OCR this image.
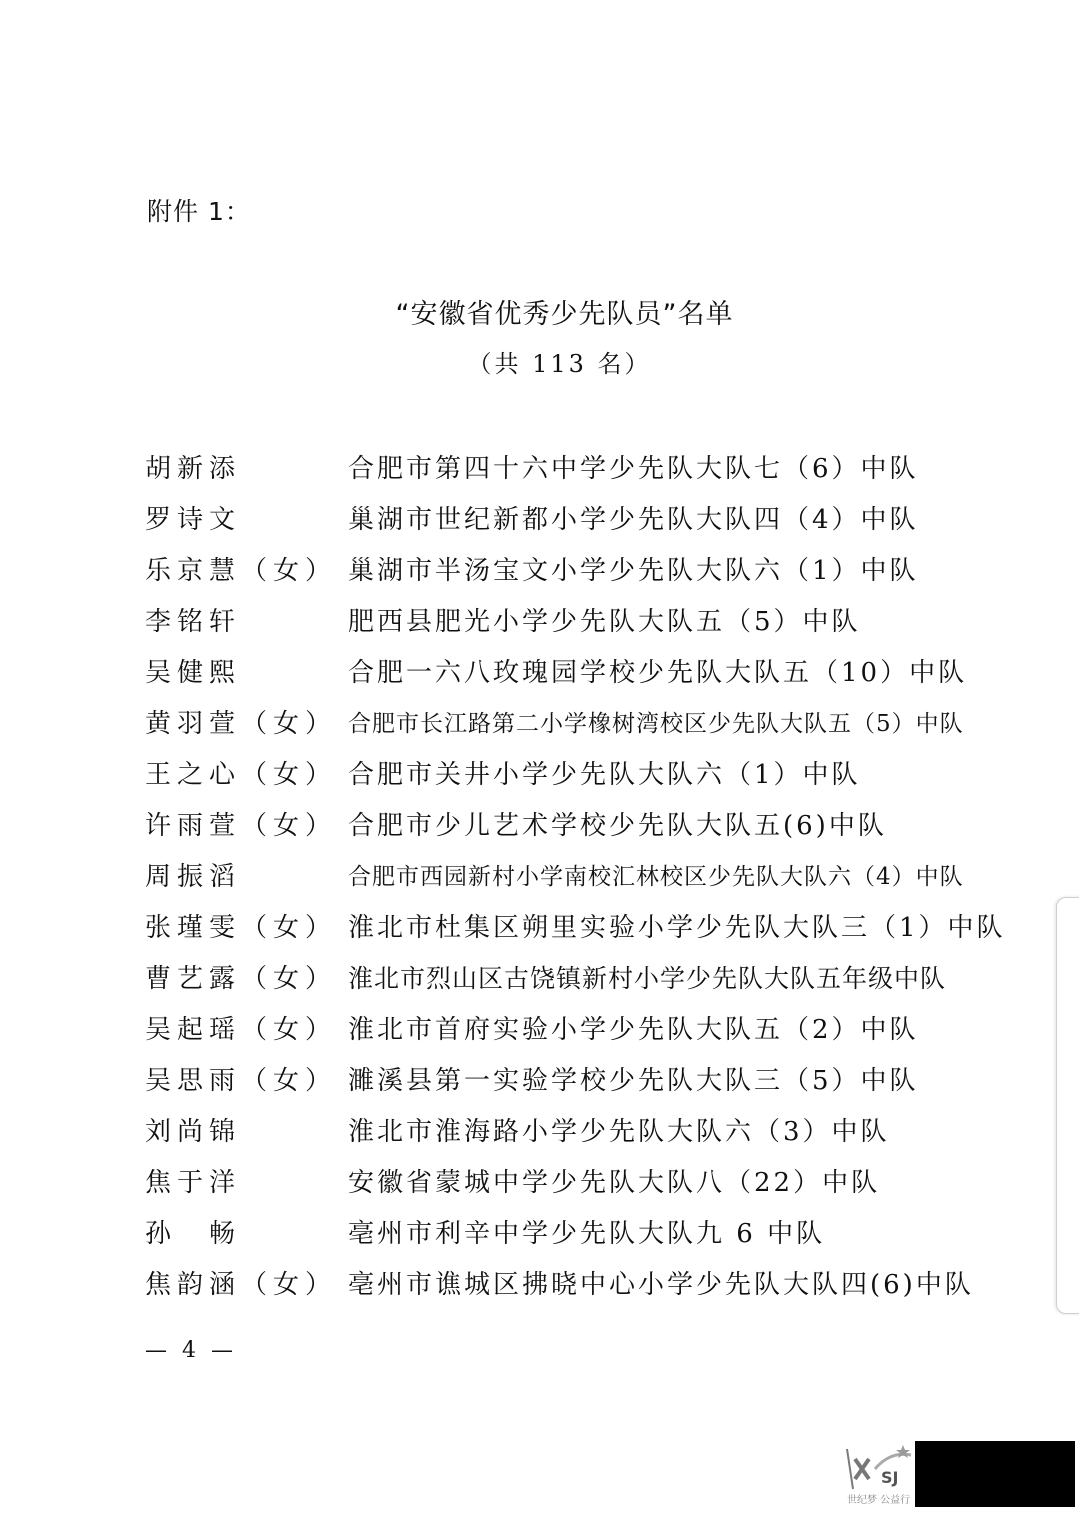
附件 1：
“安徽省优秀少先队员”名单
（共 113 名）
胡新添	合肥市第四十六中学少先队大队七（6）中队
罗诗文	巢湖市世纪新都小学少先队大队四（4）中队
乐京慧（女） 巢湖市半汤宝文小学少先队大队六（1）中队
李铭轩	肥西县肥光小学少先队大队五（5）中队
吴健熙	合肥一六八玫瑰园学校少先队大队五（10）中队
黄羽萱（女） 合肥市长江路第二小学橡树湾校区少先队大队五（5）中队
王之心（女） 合肥市关井小学少先队大队六（1）中队
许雨萱（女） 合肥市少儿艺术学校少先队大队五(6)中队
周振滔	合肥市西园新村小学南校汇林校区少先队大队六（4）中队
张瑾雯（女） 淮北市杜集区朔里实验小学少先队大队三（1）中队
曹艺露（女） 淮北市烈山区古饶镇新村小学少先队大队五年级中队
吴起瑶（女） 淮北市首府实验小学少先队大队五（2）中队
吴思雨（女） 濉溪县第一实验学校少先队大队三（5）中队
刘尚锦	淮北市淮海路小学少先队大队六（3）中队
焦于洋	安徽省蒙城中学少先队大队八（22）中队
孙　畅	亳州市利辛中学少先队大队九 6 中队
焦韵涵（女） 亳州市谯城区拂晓中心小学少先队大队四(6)中队
— 4 —
SJ
世纪梦 公益行
